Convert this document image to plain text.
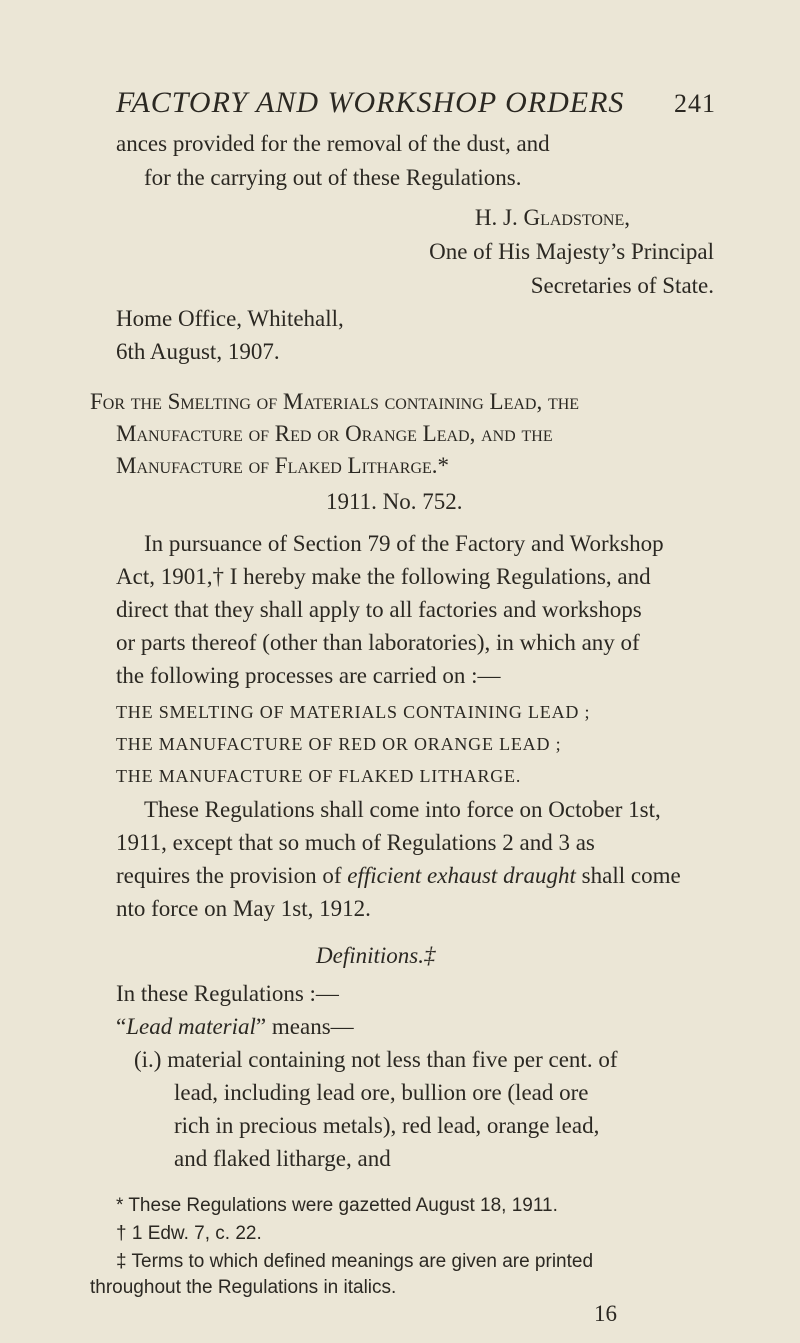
FACTORY AND WORKSHOP ORDERS 241
ances provided for the removal of the dust, and
for the carrying out of these Regulations.
H. J. Gladstone,
One of His Majesty’s Principal
Secretaries of State.
Home Office, Whitehall,
6th August, 1907.
For the Smelting of Materials containing Lead, the
Manufacture of Red or Orange Lead, and the
Manufacture of Flaked Litharge.*
1911. No. 752.
In pursuance of Section 79 of the Factory and Workshop
Act, 1901,† I hereby make the following Regulations, and
direct that they shall apply to all factories and workshops
or parts thereof (other than laboratories), in which any of
the following processes are carried on :—
THE SMELTING OF MATERIALS CONTAINING LEAD ;
THE MANUFACTURE OF RED OR ORANGE LEAD ;
THE MANUFACTURE OF FLAKED LITHARGE.
These Regulations shall come into force on October 1st,
1911, except that so much of Regulations 2 and 3 as
requires the provision of efficient exhaust draught shall come
nto force on May 1st, 1912.
Definitions.‡
In these Regulations :—
“Lead material” means—
(i.) material containing not less than five per cent. of
lead, including lead ore, bullion ore (lead ore
rich in precious metals), red lead, orange lead,
and flaked litharge, and
* These Regulations were gazetted August 18, 1911.
† 1 Edw. 7, c. 22.
‡ Terms to which defined meanings are given are printed
throughout the Regulations in italics.
16
